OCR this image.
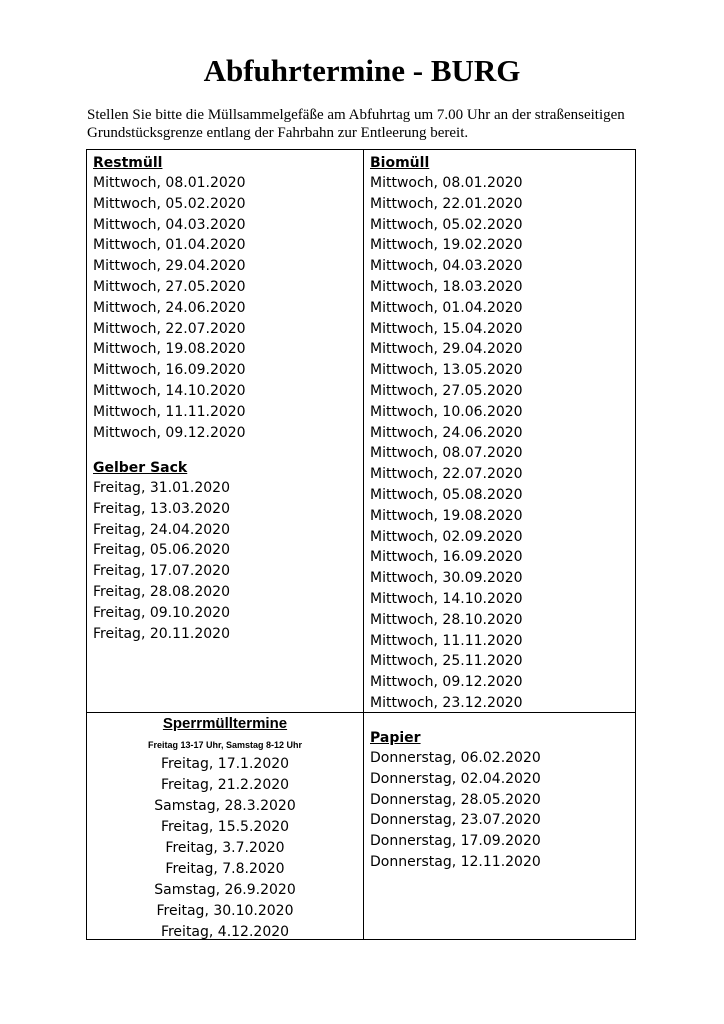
Abfuhrtermine - BURG
Stellen Sie bitte die Müllsammelgefäße am Abfuhrtag um 7.00 Uhr an der straßenseitigen
Grundstücksgrenze entlang der Fahrbahn zur Entleerung bereit.
Restmüll
Mittwoch, 08.01.2020
Mittwoch, 05.02.2020
Mittwoch, 04.03.2020
Mittwoch, 01.04.2020
Mittwoch, 29.04.2020
Mittwoch, 27.05.2020
Mittwoch, 24.06.2020
Mittwoch, 22.07.2020
Mittwoch, 19.08.2020
Mittwoch, 16.09.2020
Mittwoch, 14.10.2020
Mittwoch, 11.11.2020
Mittwoch, 09.12.2020
Gelber Sack
Freitag, 31.01.2020
Freitag, 13.03.2020
Freitag, 24.04.2020
Freitag, 05.06.2020
Freitag, 17.07.2020
Freitag, 28.08.2020
Freitag, 09.10.2020
Freitag, 20.11.2020
Biomüll
Mittwoch, 08.01.2020
Mittwoch, 22.01.2020
Mittwoch, 05.02.2020
Mittwoch, 19.02.2020
Mittwoch, 04.03.2020
Mittwoch, 18.03.2020
Mittwoch, 01.04.2020
Mittwoch, 15.04.2020
Mittwoch, 29.04.2020
Mittwoch, 13.05.2020
Mittwoch, 27.05.2020
Mittwoch, 10.06.2020
Mittwoch, 24.06.2020
Mittwoch, 08.07.2020
Mittwoch, 22.07.2020
Mittwoch, 05.08.2020
Mittwoch, 19.08.2020
Mittwoch, 02.09.2020
Mittwoch, 16.09.2020
Mittwoch, 30.09.2020
Mittwoch, 14.10.2020
Mittwoch, 28.10.2020
Mittwoch, 11.11.2020
Mittwoch, 25.11.2020
Mittwoch, 09.12.2020
Mittwoch, 23.12.2020
Sperrmülltermine
Freitag 13-17 Uhr, Samstag 8-12 Uhr
Freitag, 17.1.2020
Freitag, 21.2.2020
Samstag, 28.3.2020
Freitag, 15.5.2020
Freitag, 3.7.2020
Freitag, 7.8.2020
Samstag, 26.9.2020
Freitag, 30.10.2020
Freitag, 4.12.2020
Papier
Donnerstag, 06.02.2020
Donnerstag, 02.04.2020
Donnerstag, 28.05.2020
Donnerstag, 23.07.2020
Donnerstag, 17.09.2020
Donnerstag, 12.11.2020
